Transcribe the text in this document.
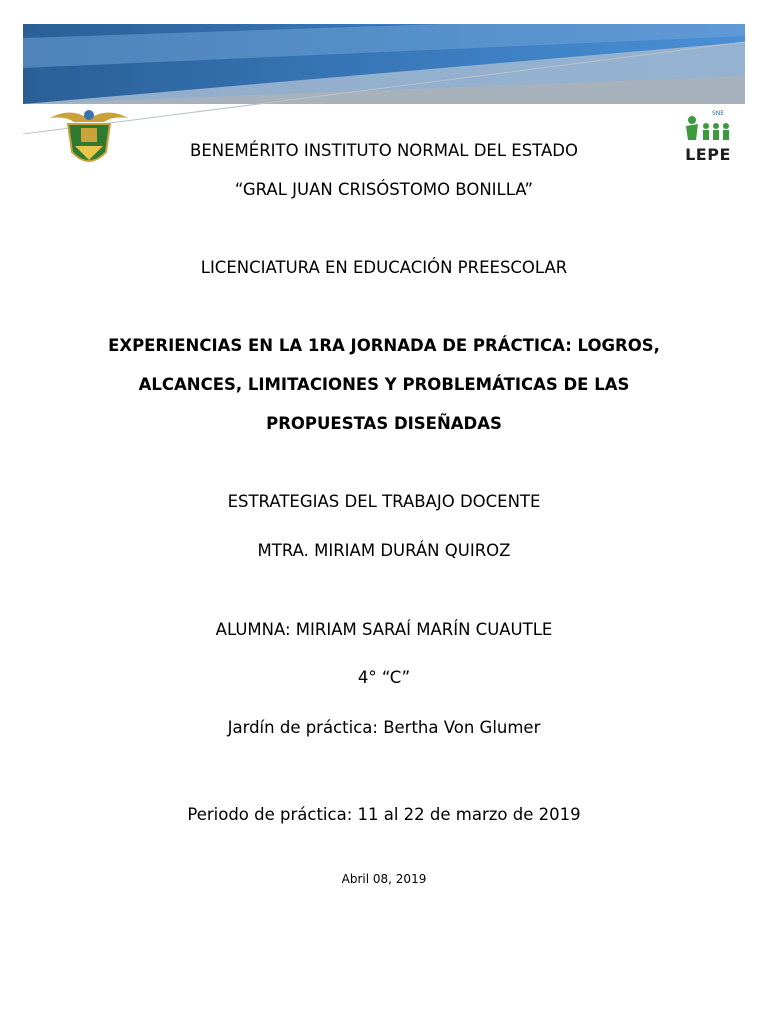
SNE
LEPE
BENEMÉRITO INSTITUTO NORMAL DEL ESTADO
“GRAL JUAN CRISÓSTOMO BONILLA”
LICENCIATURA EN EDUCACIÓN PREESCOLAR
EXPERIENCIAS EN LA 1RA JORNADA DE PRÁCTICA: LOGROS,
ALCANCES, LIMITACIONES Y PROBLEMÁTICAS DE LAS
PROPUESTAS DISEÑADAS
ESTRATEGIAS DEL TRABAJO DOCENTE
MTRA. MIRIAM DURÁN QUIROZ
ALUMNA: MIRIAM SARAÍ MARÍN CUAUTLE
4° “C”
Jardín de práctica: Bertha Von Glumer
Periodo de práctica: 11 al 22 de marzo de 2019
Abril 08, 2019
